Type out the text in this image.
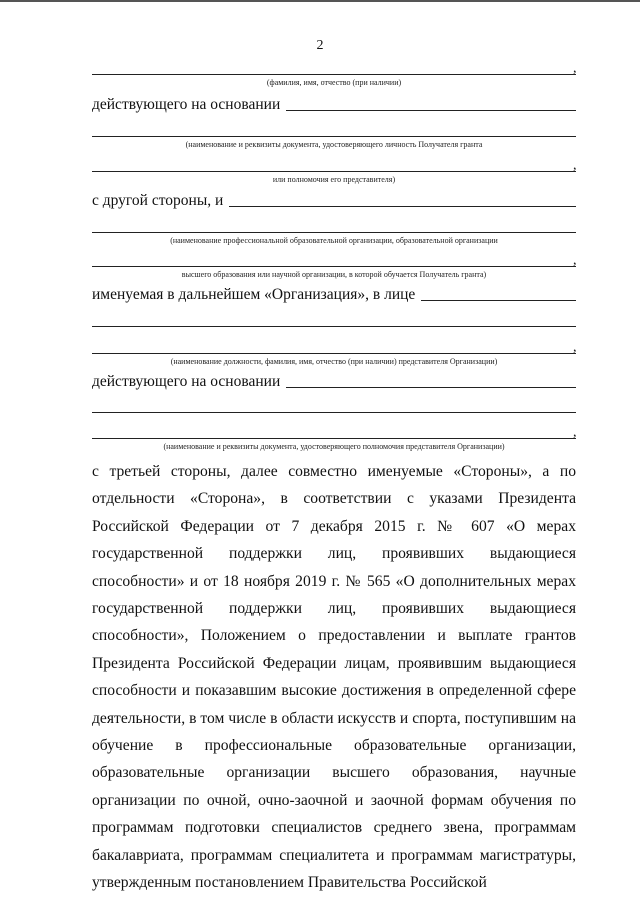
2
,
(фамилия, имя, отчество (при наличии)
действующего на основании
(наименование и реквизиты документа, удостоверяющего личность Получателя гранта
,
или полномочия его представителя)
с другой стороны, и
(наименование профессиональной образовательной организации, образовательной организации
,
высшего образования или научной организации, в которой обучается Получатель гранта)
именуемая в дальнейшем «Организация», в лице
,
(наименование должности, фамилия, имя, отчество (при наличии) представителя Организации)
действующего на основании
,
(наименование и реквизиты документа, удостоверяющего полномочия представителя Организации)

с третьей стороны, далее совместно именуемые «Стороны», а по отдельности «Сторона», в соответствии с указами Президента Российской Федерации от 7 декабря 2015 г. № 607 «О мерах государственной поддержки лиц, проявивших выдающиеся способности» и от 18 ноября 2019 г. № 565 «О дополнительных мерах государственной поддержки лиц, проявивших выдающиеся способности», Положением о предоставлении и выплате грантов Президента Российской Федерации лицам, проявившим выдающиеся способности и показавшим высокие достижения в определенной сфере деятельности, в том числе в области искусств и спорта, поступившим на обучение в профессиональные образовательные организации, образовательные организации высшего образования, научные организации по очной, очно-заочной и заочной формам обучения по программам подготовки специалистов среднего звена, программам бакалавриата, программам специалитета и программам магистратуры, утвержденным постановлением Правительства Российской
